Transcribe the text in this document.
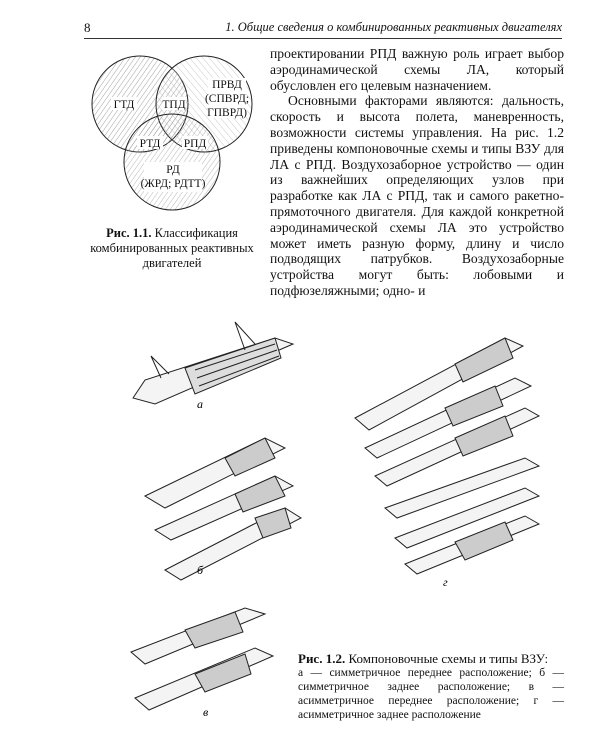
8	1. Общие сведения о комбинированных реактивных двигателях
ГТД ТПД
ПРВД
(СПВРД;
ГПВРД)
РТД РПД
РД
(ЖРД; РДТТ)
Рис. 1.1. Классификация комбинированных реактивных двигателей

проектировании РПД важную роль играет выбор аэродинамической схемы ЛА, который обусловлен его целевым назначением.

Основными факторами являются: дальность, скорость и высота полета, маневренность, возможности системы управления. На рис. 1.2 приведены компоновочные схемы и типы ВЗУ для ЛА с РПД. Воздухозаборное устройство — один из важнейших определяющих узлов при разработке как ЛА с РПД, так и самого ракетно-прямоточного двигателя. Для каждой конкретной аэродинамической схемы ЛА это устройство может иметь разную форму, длину и число подводящих патрубков. Воздухозаборные устройства могут быть: лобовыми и подфюзеляжными; одно- и

а
б
в
г
Рис. 1.2. Компоновочные схемы и типы ВЗУ:
а — симметричное переднее расположение; б — симметричное заднее расположение; в — асимметричное переднее расположение; г — асимметричное заднее расположение
